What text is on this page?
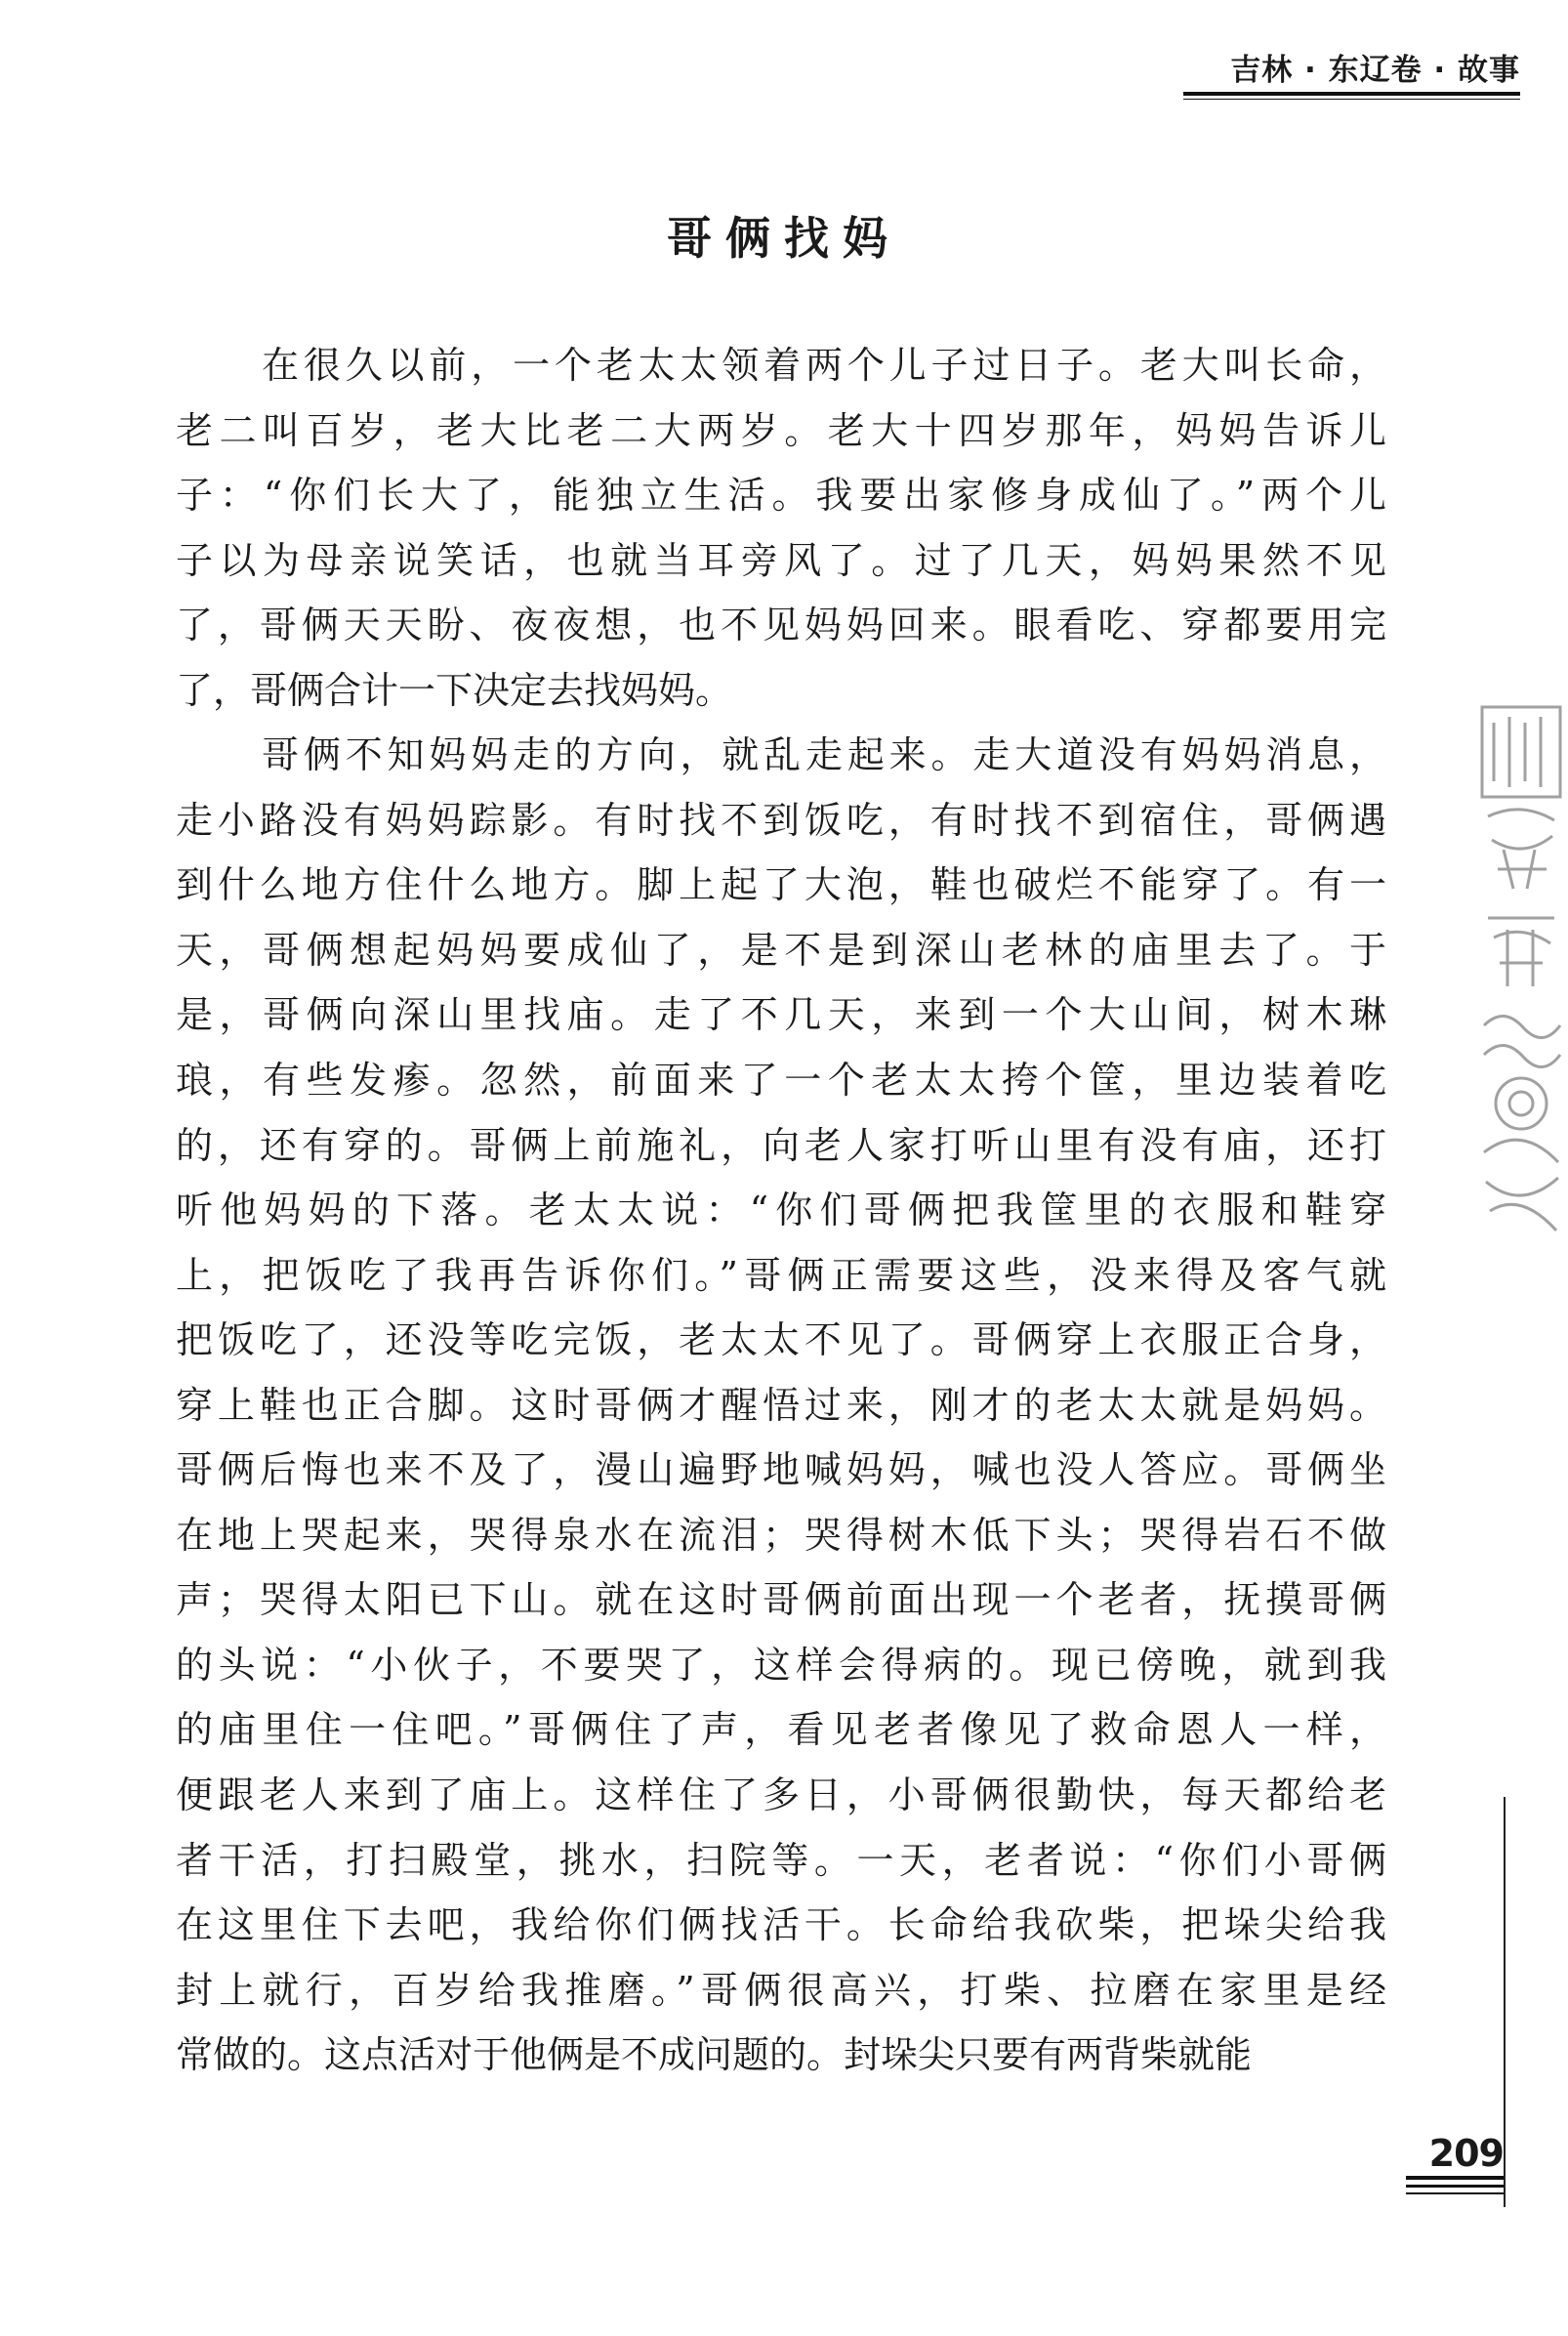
吉林 · 东辽卷 · 故事
哥俩找妈
在很久以前，一个老太太领着两个儿子过日子。老大叫长命，
老二叫百岁，老大比老二大两岁。老大十四岁那年，妈妈告诉儿
子：“你们长大了，能独立生活。我要出家修身成仙了。”两个儿
子以为母亲说笑话，也就当耳旁风了。过了几天，妈妈果然不见
了，哥俩天天盼、夜夜想，也不见妈妈回来。眼看吃、穿都要用完
了，哥俩合计一下决定去找妈妈。
哥俩不知妈妈走的方向，就乱走起来。走大道没有妈妈消息，
走小路没有妈妈踪影。有时找不到饭吃，有时找不到宿住，哥俩遇
到什么地方住什么地方。脚上起了大泡，鞋也破烂不能穿了。有一
天，哥俩想起妈妈要成仙了，是不是到深山老林的庙里去了。于
是，哥俩向深山里找庙。走了不几天，来到一个大山间，树木琳
琅，有些发瘆。忽然，前面来了一个老太太挎个筐，里边装着吃
的，还有穿的。哥俩上前施礼，向老人家打听山里有没有庙，还打
听他妈妈的下落。老太太说：“你们哥俩把我筐里的衣服和鞋穿
上，把饭吃了我再告诉你们。”哥俩正需要这些，没来得及客气就
把饭吃了，还没等吃完饭，老太太不见了。哥俩穿上衣服正合身，
穿上鞋也正合脚。这时哥俩才醒悟过来，刚才的老太太就是妈妈。
哥俩后悔也来不及了，漫山遍野地喊妈妈，喊也没人答应。哥俩坐
在地上哭起来，哭得泉水在流泪；哭得树木低下头；哭得岩石不做
声；哭得太阳已下山。就在这时哥俩前面出现一个老者，抚摸哥俩
的头说：“小伙子，不要哭了，这样会得病的。现已傍晚，就到我
的庙里住一住吧。”哥俩住了声，看见老者像见了救命恩人一样，
便跟老人来到了庙上。这样住了多日，小哥俩很勤快，每天都给老
者干活，打扫殿堂，挑水，扫院等。一天，老者说：“你们小哥俩
在这里住下去吧，我给你们俩找活干。长命给我砍柴，把垛尖给我
封上就行，百岁给我推磨。”哥俩很高兴，打柴、拉磨在家里是经
常做的。这点活对于他俩是不成问题的。封垛尖只要有两背柴就能
209
